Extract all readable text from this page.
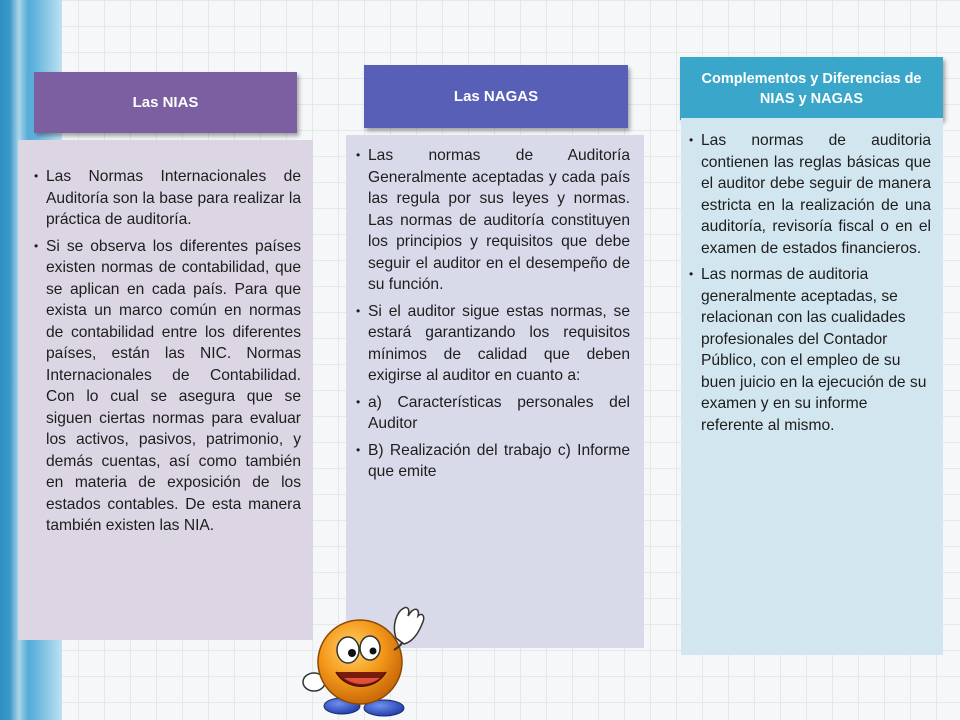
Las NIAS
• Las Normas Internacionales de Auditoría son la base para realizar la práctica de auditoría.
• Si se observa los diferentes países existen normas de contabilidad, que se aplican en cada país. Para que exista un marco común en normas de contabilidad entre los diferentes países, están las NIC. Normas Internacionales de Contabilidad. Con lo cual se asegura que se siguen ciertas normas para evaluar los activos, pasivos, patrimonio, y demás cuentas, así como también en materia de exposición de los estados contables. De esta manera también existen las NIA.
Las NAGAS
• Las normas de Auditoría Generalmente aceptadas y cada país las regula por sus leyes y normas. Las normas de auditoría constituyen los principios y requisitos que debe seguir el auditor en el desempeño de su función.
• Si el auditor sigue estas normas, se estará garantizando los requisitos mínimos de calidad que deben exigirse al auditor en cuanto a:
• a) Características personales del Auditor
• B) Realización del trabajo c) Informe que emite
Complementos y Diferencias de NIAS y NAGAS
• Las normas de auditoria contienen las reglas básicas que el auditor debe seguir de manera estricta en la realización de una auditoría, revisoría fiscal o en el examen de estados financieros.
• Las normas de auditoria generalmente aceptadas, se relacionan con las cualidades profesionales del Contador Público, con el empleo de su buen juicio en la ejecución de su examen y en su informe referente al mismo.
